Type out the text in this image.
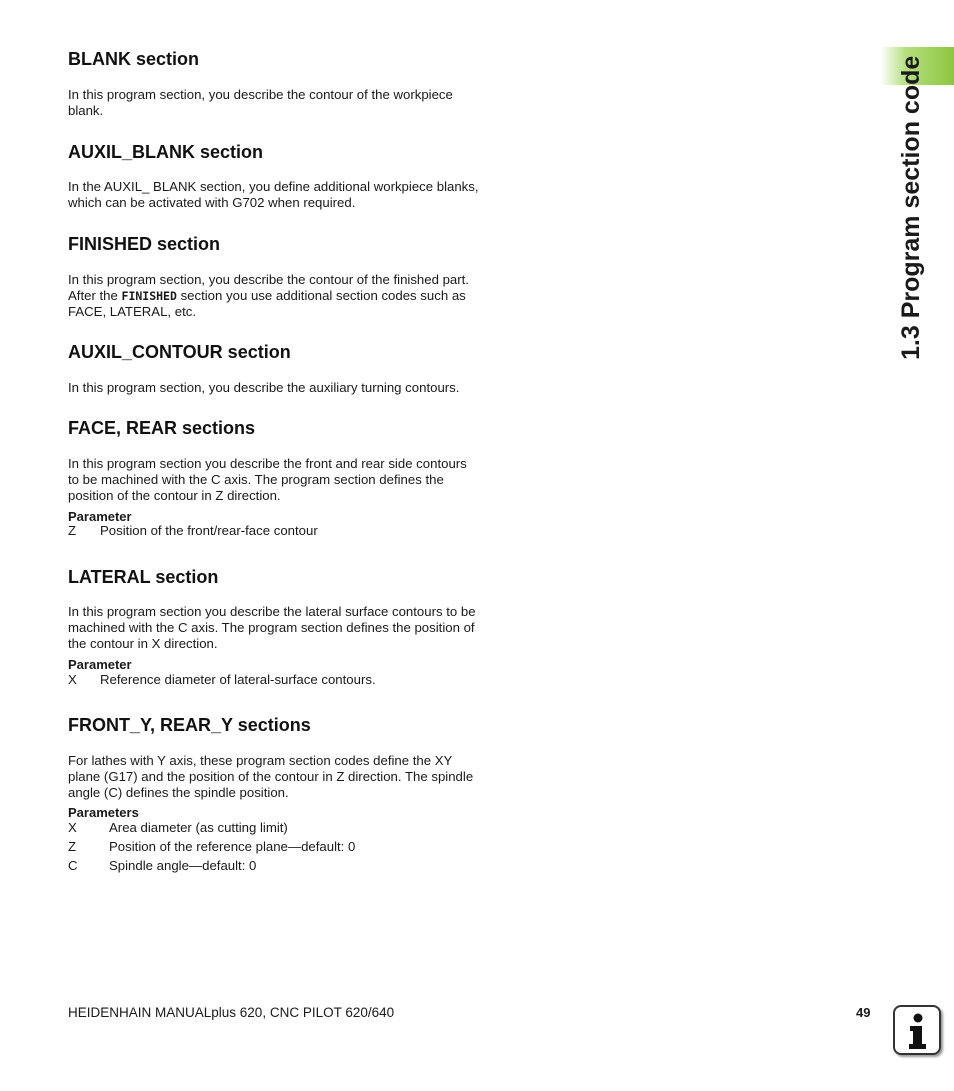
1.3 Program section code
BLANK section

In this program section, you describe the contour of the workpiece
blank.

AUXIL_BLANK section

In the AUXIL_ BLANK section, you define additional workpiece blanks,
which can be activated with G702 when required.

FINISHED section

In this program section, you describe the contour of the finished part.
After the FINISHED section you use additional section codes such as
FACE, LATERAL, etc.

AUXIL_CONTOUR section

In this program section, you describe the auxiliary turning contours.

FACE, REAR sections

In this program section you describe the front and rear side contours
to be machined with the C axis. The program section defines the
position of the contour in Z direction.

Parameter
Z Position of the front/rear-face contour
LATERAL section

In this program section you describe the lateral surface contours to be
machined with the C axis. The program section defines the position of
the contour in X direction.

Parameter
X Reference diameter of lateral-surface contours.
FRONT_Y, REAR_Y sections

For lathes with Y axis, these program section codes define the XY
plane (G17) and the position of the contour in Z direction. The spindle
angle (C) defines the spindle position.

Parameters
X Area diameter (as cutting limit)
Z Position of the reference plane—default: 0
C Spindle angle—default: 0
HEIDENHAIN MANUALplus 620, CNC PILOT 620/640	49
